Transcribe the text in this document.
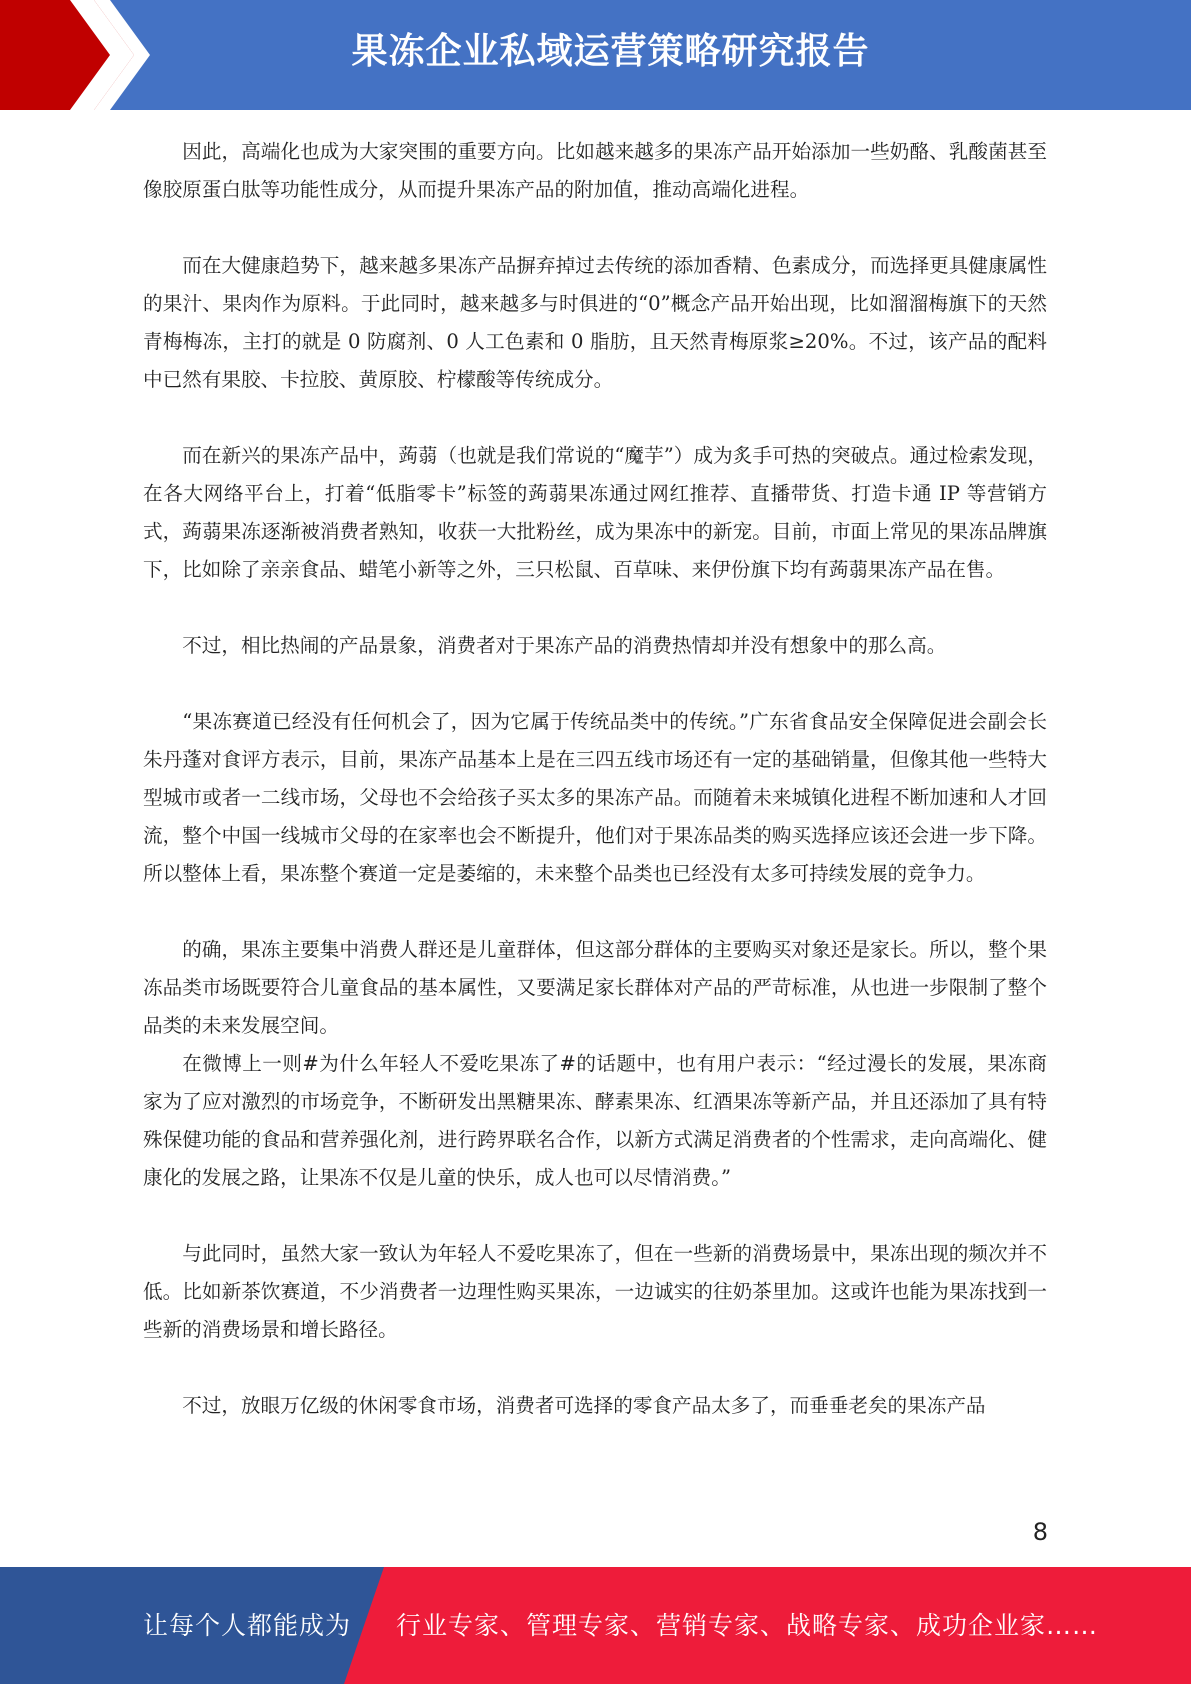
果冻企业私域运营策略研究报告

因此，高端化也成为大家突围的重要方向。比如越来越多的果冻产品开始添加一些奶酪、乳酸菌甚至像胶原蛋白肽等功能性成分，从而提升果冻产品的附加值，推动高端化进程。

而在大健康趋势下，越来越多果冻产品摒弃掉过去传统的添加香精、色素成分，而选择更具健康属性的果汁、果肉作为原料。于此同时，越来越多与时俱进的“0”概念产品开始出现，比如溜溜梅旗下的天然青梅梅冻，主打的就是 0 防腐剂、0 人工色素和 0 脂肪，且天然青梅原浆≥20%。不过，该产品的配料中已然有果胶、卡拉胶、黄原胶、柠檬酸等传统成分。

而在新兴的果冻产品中，蒟蒻（也就是我们常说的“魔芋”）成为炙手可热的突破点。通过检索发现，在各大网络平台上，打着“低脂零卡”标签的蒟蒻果冻通过网红推荐、直播带货、打造卡通 IP 等营销方式，蒟蒻果冻逐渐被消费者熟知，收获一大批粉丝，成为果冻中的新宠。目前，市面上常见的果冻品牌旗下，比如除了亲亲食品、蜡笔小新等之外，三只松鼠、百草味、来伊份旗下均有蒟蒻果冻产品在售。

不过，相比热闹的产品景象，消费者对于果冻产品的消费热情却并没有想象中的那么高。

“果冻赛道已经没有任何机会了，因为它属于传统品类中的传统。”广东省食品安全保障促进会副会长朱丹蓬对食评方表示，目前，果冻产品基本上是在三四五线市场还有一定的基础销量，但像其他一些特大型城市或者一二线市场，父母也不会给孩子买太多的果冻产品。而随着未来城镇化进程不断加速和人才回流，整个中国一线城市父母的在家率也会不断提升，他们对于果冻品类的购买选择应该还会进一步下降。所以整体上看，果冻整个赛道一定是萎缩的，未来整个品类也已经没有太多可持续发展的竞争力。

的确，果冻主要集中消费人群还是儿童群体，但这部分群体的主要购买对象还是家长。所以，整个果冻品类市场既要符合儿童食品的基本属性，又要满足家长群体对产品的严苛标准，从也进一步限制了整个品类的未来发展空间。

在微博上一则#为什么年轻人不爱吃果冻了#的话题中，也有用户表示：“经过漫长的发展，果冻商家为了应对激烈的市场竞争，不断研发出黑糖果冻、酵素果冻、红酒果冻等新产品，并且还添加了具有特殊保健功能的食品和营养强化剂，进行跨界联名合作，以新方式满足消费者的个性需求，走向高端化、健康化的发展之路，让果冻不仅是儿童的快乐，成人也可以尽情消费。”

与此同时，虽然大家一致认为年轻人不爱吃果冻了，但在一些新的消费场景中，果冻出现的频次并不低。比如新茶饮赛道，不少消费者一边理性购买果冻，一边诚实的往奶茶里加。这或许也能为果冻找到一些新的消费场景和增长路径。

不过，放眼万亿级的休闲零食市场，消费者可选择的零食产品太多了，而垂垂老矣的果冻产品

8
让每个人都能成为 行业专家、管理专家、营销专家、战略专家、成功企业家……
